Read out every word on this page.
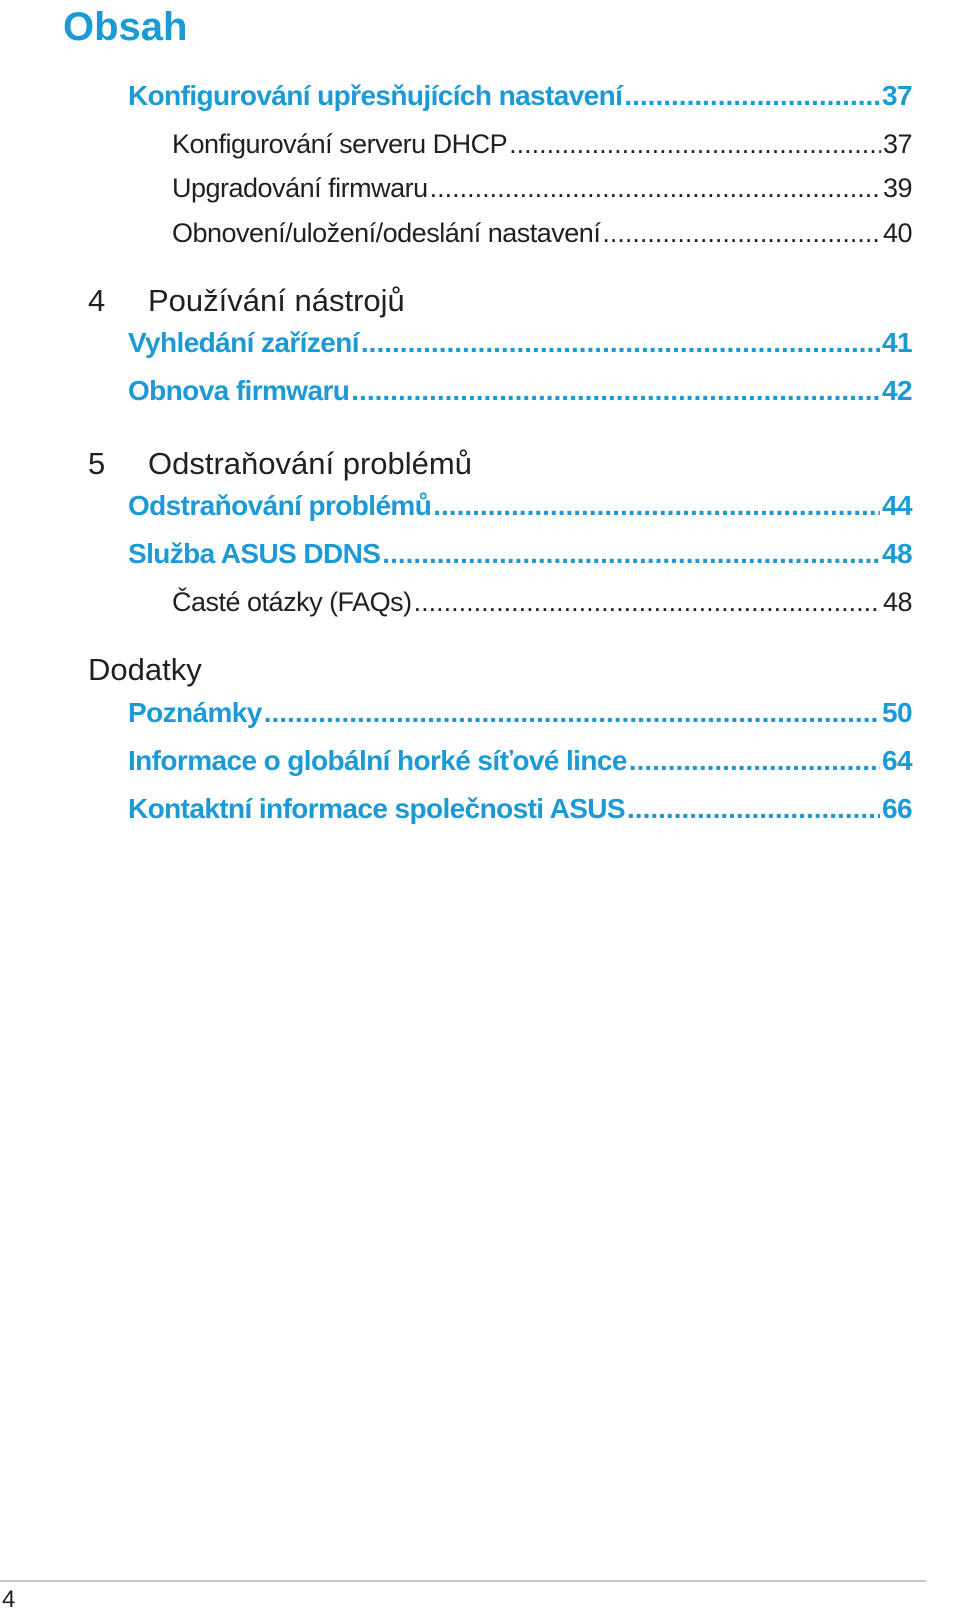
Obsah
Konfigurování upřesňujících nastavení .....	37
Konfigurování serveru DHCP .....	37
Upgradování firmwaru .....	39
Obnovení/uložení/odeslání nastavení .....	40
4 Používání nástrojů
Vyhledání zařízení .....	41
Obnova firmwaru .....	42
5 Odstraňování problémů
Odstraňování problémů .....	44
Služba ASUS DDNS .....	48
Časté otázky (FAQs) .....	48
Dodatky
Poznámky .....	50
Informace o globální horké síťové lince .....	64
Kontaktní informace společnosti ASUS .....	66
4
